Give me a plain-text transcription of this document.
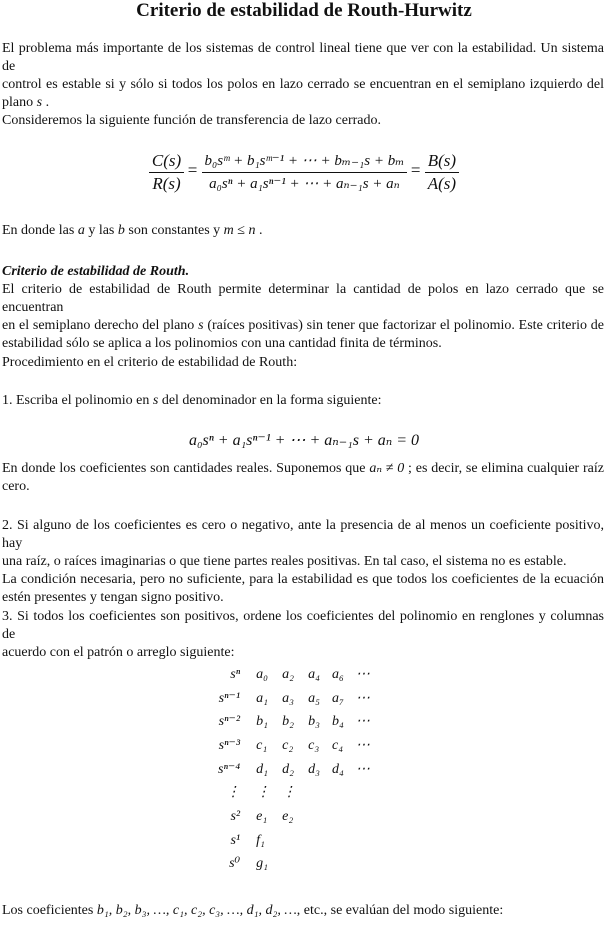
Criterio de estabilidad de Routh-Hurwitz
El problema más importante de los sistemas de control lineal tiene que ver con la estabilidad. Un sistema de
control es estable si y sólo si todos los polos en lazo cerrado se encuentran en el semiplano izquierdo del
plano s .
Consideremos la siguiente función de transferencia de lazo cerrado.
$\frac{C(s)}{R(s)} = \frac{\text{b₀sᵐ + b₁sᵐ⁻¹ + ⋯ + bₘ₋₁s + bₘ}}{\text{a₀sⁿ + a₁sⁿ⁻¹ + ⋯ + aₙ₋₁s + aₙ}} = \frac{B(s)}{A(s)}$
En donde las a y las b son constantes y m ≤ n .
Criterio de estabilidad de Routh.
El criterio de estabilidad de Routh permite determinar la cantidad de polos en lazo cerrado que se encuentran
en el semiplano derecho del plano s (raíces positivas) sin tener que factorizar el polinomio. Este criterio de
estabilidad sólo se aplica a los polinomios con una cantidad finita de términos.
Procedimiento en el criterio de estabilidad de Routh:
1. Escriba el polinomio en s del denominador en la forma siguiente:
a₀sⁿ + a₁sⁿ⁻¹ + ⋯ + aₙ₋₁s + aₙ = 0
En donde los coeficientes son cantidades reales. Suponemos que aₙ ≠ 0 ; es decir, se elimina cualquier raíz
cero.
2. Si alguno de los coeficientes es cero o negativo, ante la presencia de al menos un coeficiente positivo, hay
una raíz, o raíces imaginarias o que tiene partes reales positivas. En tal caso, el sistema no es estable.
La condición necesaria, pero no suficiente, para la estabilidad es que todos los coeficientes de la ecuación
estén presentes y tengan signo positivo.
3. Si todos los coeficientes son positivos, ordene los coeficientes del polinomio en renglones y columnas de
acuerdo con el patrón o arreglo siguiente:
sⁿ	a₀	a₂	a₄	a₆	⋯
sⁿ⁻¹	a₁	a₃	a₅	a₇	⋯
sⁿ⁻²	b₁	b₂	b₃	b₄	⋯
sⁿ⁻³	c₁	c₂	c₃	c₄	⋯
sⁿ⁻⁴	d₁	d₂	d₃	d₄	⋯
⋮	⋮	⋮			
s²	e₁	e₂			
s¹	f₁				
s⁰	g₁				
Los coeficientes b₁, b₂, b₃, …, c₁, c₂, c₃, …, d₁, d₂, …, etc., se evalúan del modo siguiente:
